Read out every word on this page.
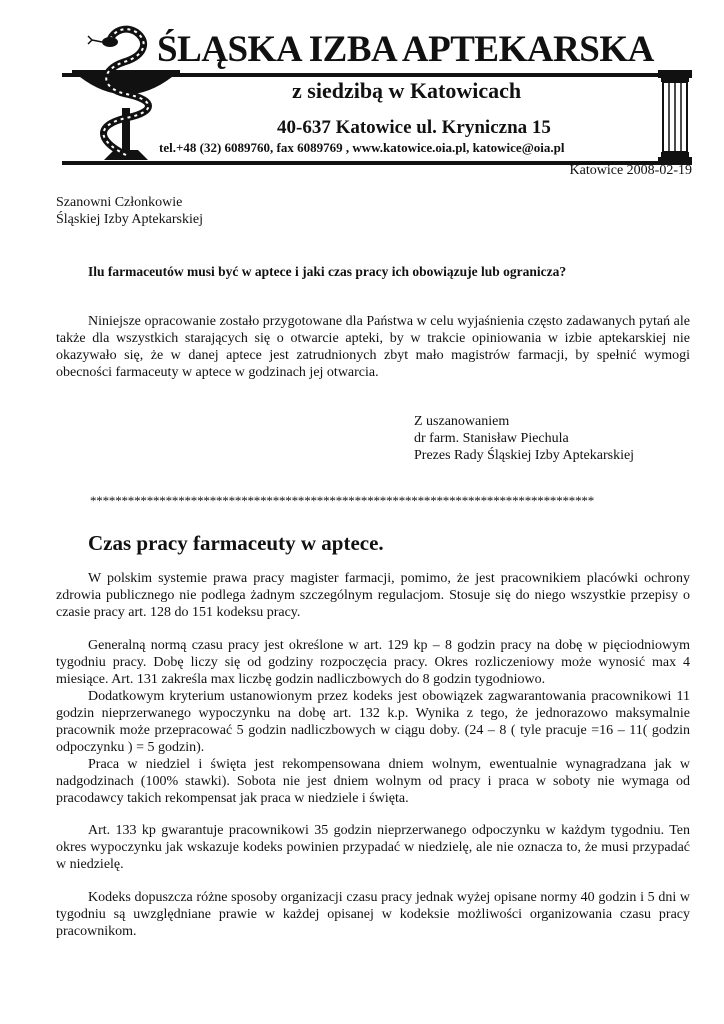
ŚLĄSKA IZBA APTEKARSKA
z siedzibą w Katowicach
40-637 Katowice ul. Kryniczna 15
tel.+48 (32) 6089760, fax 6089769 , www.katowice.oia.pl, katowice@oia.pl
Katowice 2008-02-19
Szanowni Członkowie
Śląskiej Izby Aptekarskiej
Ilu farmaceutów musi być w aptece i jaki czas pracy ich obowiązuje lub ogranicza?

Niniejsze opracowanie zostało przygotowane dla Państwa w celu wyjaśnienia często zadawanych pytań ale także dla wszystkich starających się o otwarcie apteki, by w trakcie opiniowania w izbie aptekarskiej nie okazywało się, że w danej aptece jest zatrudnionych zbyt mało magistrów farmacji, by spełnić wymogi obecności farmaceuty w aptece w godzinach jej otwarcia.

Z uszanowaniem
dr farm. Stanisław Piechula
Prezes Rady Śląskiej Izby Aptekarskiej
********************************************************************************
Czas pracy farmaceuty w aptece.

W polskim systemie prawa pracy magister farmacji, pomimo, że jest pracownikiem placówki ochrony zdrowia publicznego nie podlega żadnym szczególnym regulacjom. Stosuje się do niego wszystkie przepisy o czasie pracy art. 128 do 151 kodeksu pracy.

Generalną normą czasu pracy jest określone w art. 129 kp – 8 godzin pracy na dobę w pięciodniowym tygodniu pracy. Dobę liczy się od godziny rozpoczęcia pracy. Okres rozliczeniowy może wynosić max 4 miesiące. Art. 131 zakreśla max liczbę godzin nadliczbowych do 8 godzin tygodniowo.

Dodatkowym kryterium ustanowionym przez kodeks jest obowiązek zagwarantowania pracownikowi 11 godzin nieprzerwanego wypoczynku na dobę art. 132 k.p. Wynika z tego, że jednorazowo maksymalnie pracownik może przepracować 5 godzin nadliczbowych w ciągu doby. (24 – 8 ( tyle pracuje =16 – 11( godzin odpoczynku ) = 5 godzin).

Praca w niedziel i święta jest rekompensowana dniem wolnym, ewentualnie wynagradzana jak w nadgodzinach (100% stawki). Sobota nie jest dniem wolnym od pracy i praca w soboty nie wymaga od pracodawcy takich rekompensat jak praca w niedziele i święta.

Art. 133 kp gwarantuje pracownikowi 35 godzin nieprzerwanego odpoczynku w każdym tygodniu. Ten okres wypoczynku jak wskazuje kodeks powinien przypadać w niedzielę, ale nie oznacza to, że musi przypadać w niedzielę.

Kodeks dopuszcza różne sposoby organizacji czasu pracy jednak wyżej opisane normy 40 godzin i 5 dni w tygodniu są uwzględniane prawie w każdej opisanej w kodeksie możliwości organizowania czasu pracy pracownikom.
